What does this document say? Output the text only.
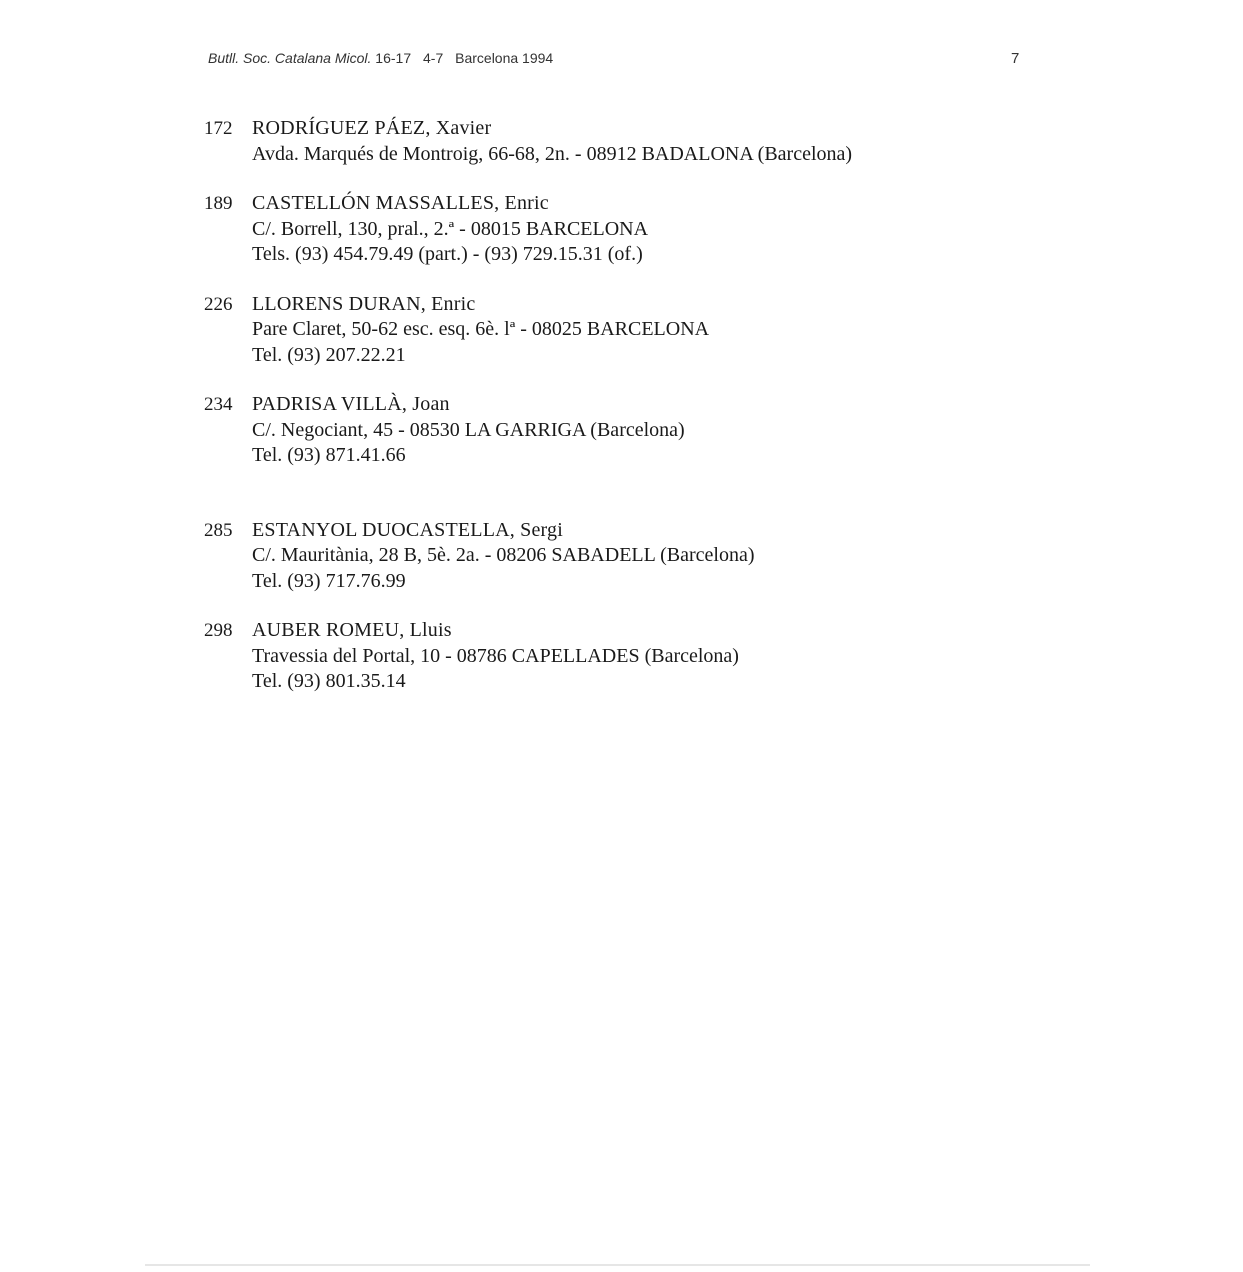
Butll. Soc. Catalana Micol. 16-17 4-7 Barcelona 1994	7
172 RODRÍGUEZ PÁEZ, Xavier
Avda. Marqués de Montroig, 66-68, 2n. - 08912 BADALONA (Barcelona)
189 CASTELLÓN MASSALLES, Enric
C/. Borrell, 130, pral., 2.ª - 08015 BARCELONA
Tels. (93) 454.79.49 (part.) - (93) 729.15.31 (of.)
226 LLORENS DURAN, Enric
Pare Claret, 50-62 esc. esq. 6è. lª - 08025 BARCELONA
Tel. (93) 207.22.21
234 PADRISA VILLÀ, Joan
C/. Negociant, 45 - 08530 LA GARRIGA (Barcelona)
Tel. (93) 871.41.66
285 ESTANYOL DUOCASTELLA, Sergi
C/. Mauritània, 28 B, 5è. 2a. - 08206 SABADELL (Barcelona)
Tel. (93) 717.76.99
298 AUBER ROMEU, Lluis
Travessia del Portal, 10 - 08786 CAPELLADES (Barcelona)
Tel. (93) 801.35.14
